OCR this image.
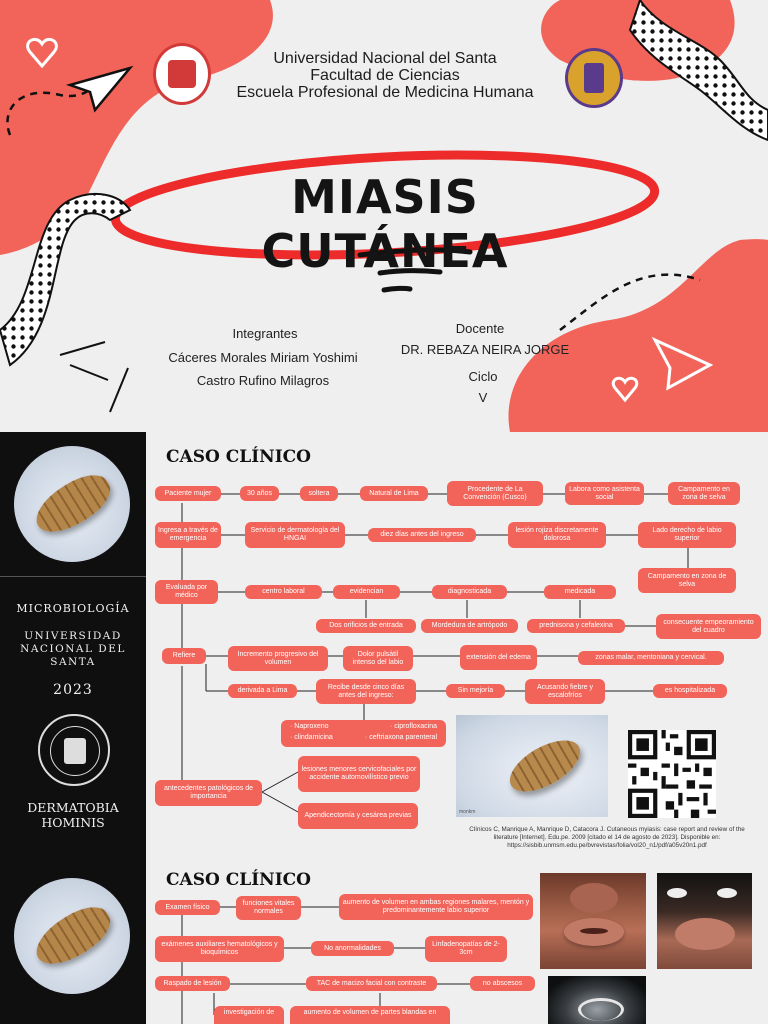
Universidad Nacional del Santa
Facultad de Ciencias
Escuela Profesional de Medicina Humana
MIASIS CUTÁNEA
Integrantes
Cáceres Morales Miriam Yoshimi
Castro Rufino Milagros
Docente
DR. REBAZA NEIRA JORGE
Ciclo
V
MICROBIOLOGÍA
UNIVERSIDAD
NACIONAL DEL
SANTA
2023
DERMATOBIA
HOMINIS
CASO CLÍNICO
Paciente mujer	30 años	soltera	Natural de Lima
Procedente de La Convención (Cusco)
Labora como asistenta social
Campamento en zona de selva
Ingresa a través de emergencia
Servicio de dermatología del HNGAI
diez días antes del ingreso
lesión rojiza discretamente dolorosa
Lado derecho de labio superior
Campamento en zona de selva
Evaluada por médico
centro laboral	evidencian	diagnosticada	medicada
Dos orificios de entrada	Mordedura de artrópodo	prednisona y cefalexina	consecuente empeoramiento del cuadro
Refiere	Incremento progresivo del volumen
Dolor pulsátil intenso del labio
extensión del edema	zonas malar, mentoniana y cervical.
derivada a Lima	Recibe desde cinco días antes del ingreso:
Sin mejoría	Acusando fiebre y escalofríos
es hospitalizada
· Naproxeno	· ciprofloxacina
· clindamicina	· ceftriaxona parenteral
antecedentes patológicos de importancia
lesiones menores cervicofaciales por accidente automovilístico previo
Apendicectomía y cesárea previas	monkm
Clínicos C, Manrique A, Manrique D, Catacora J. Cutaneous myiasis: case report and review of the literature [Internet]. Edu.pe. 2009 [citado el 14 de agosto de 2023]. Disponible en: https://sisbib.unmsm.edu.pe/bvrevistas/folia/vol20_n1/pdf/a05v20n1.pdf
CASO CLÍNICO
Examen físico	funciones vitales normales
aumento de volumen en ambas regiones malares, mentón y predominantemente labio superior
exámenes auxiliares hematológicos y bioquímicos
No anormalidades	Linfadenopatías de 2-3cm
Raspado de lesión	TAC de macizo facial con contraste	no abscesos
investigación de	aumento de volumen de partes blandas en
